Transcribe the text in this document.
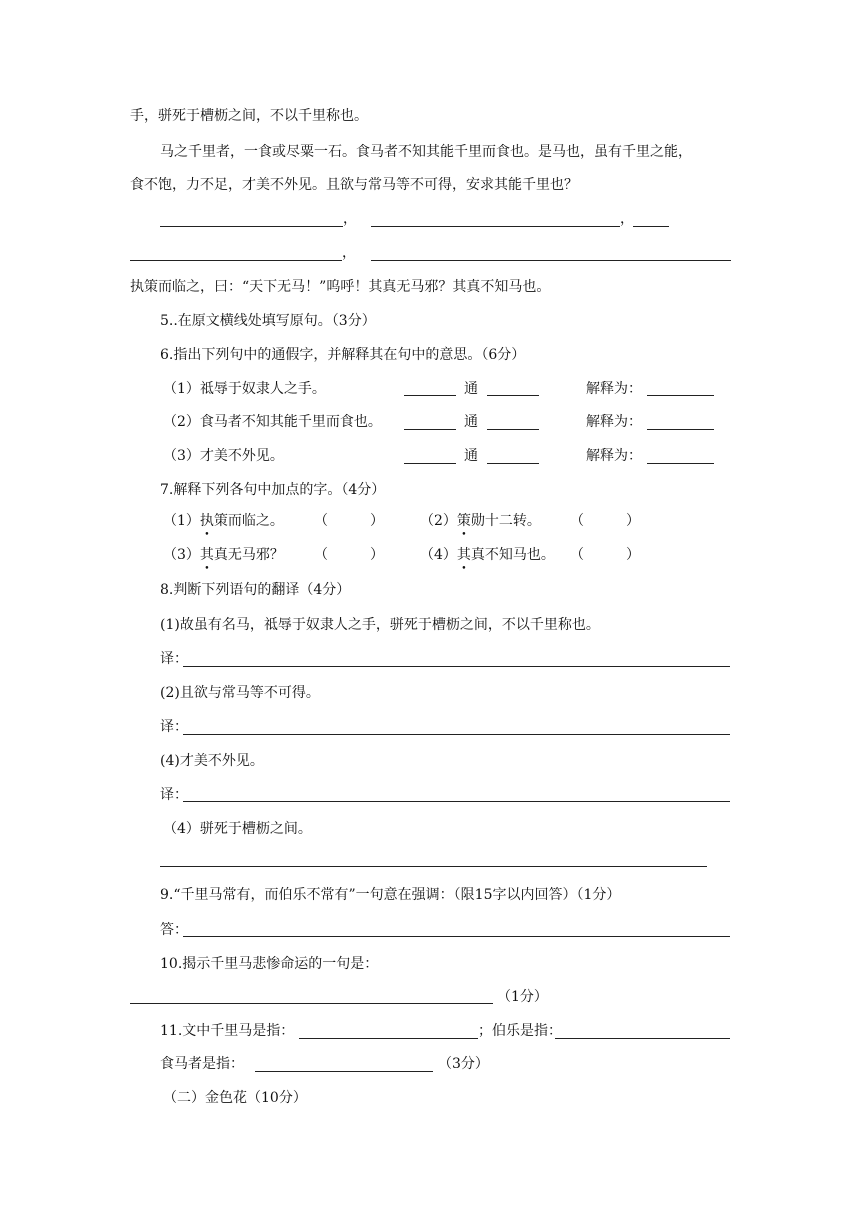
手，骈死于槽枥之间，不以千里称也。
马之千里者，一食或尽粟一石。食马者不知其能千里而食也。是马也，虽有千里之能，
食不饱，力不足，才美不外见。且欲与常马等不可得，安求其能千里也？
，	，
，
执策而临之，曰：“天下无马！”呜呼！其真无马邪？其真不知马也。
5..在原文横线处填写原句。（3分）
6.指出下列句中的通假字，并解释其在句中的意思。（6分）
（1）祗辱于奴隶人之手。	通	解释为：
（2）食马者不知其能千里而食也。	通	解释为：
（3）才美不外见。	通	解释为：
7.解释下列各句中加点的字。（4分）
（1）执策而临之。 （　　　）	（2）策勋十二转。 （　　　）
（3）其真无马邪？ （　　　）	（4）其真不知马也。 （　　　）
8.判断下列语句的翻译（4分）
(1)故虽有名马，祗辱于奴隶人之手，骈死于槽枥之间，不以千里称也。
译：
(2)且欲与常马等不可得。
译：
(4)才美不外见。
译：
（4）骈死于槽枥之间。
9.“千里马常有，而伯乐不常有”一句意在强调：（限15字以内回答）（1分）
答：
10.揭示千里马悲惨命运的一句是：
（1分）
11.文中千里马是指：	；伯乐是指：
食马者是指：	（3分）
（二）金色花（10分）
